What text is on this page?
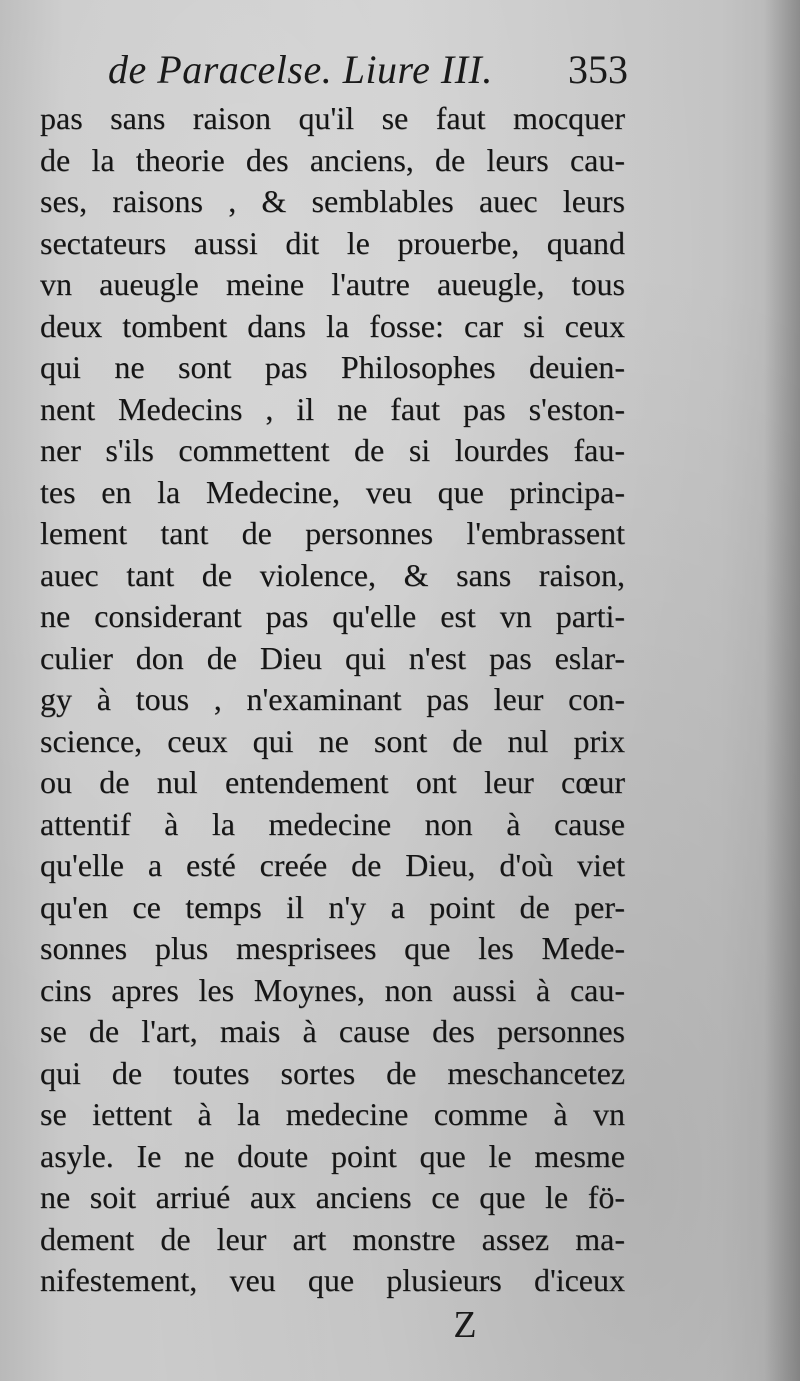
de Paracelse. Liure III. 353
pas sans raison qu'il se faut mocquer
de la theorie des anciens, de leurs cau-
ses, raisons , & semblables auec leurs
sectateurs aussi dit le prouerbe, quand
vn aueugle meine l'autre aueugle, tous
deux tombent dans la fosse: car si ceux
qui ne sont pas Philosophes deuien-
nent Medecins , il ne faut pas s'eston-
ner s'ils commettent de si lourdes fau-
tes en la Medecine, veu que principa-
lement tant de personnes l'embrassent
auec tant de violence, & sans raison,
ne considerant pas qu'elle est vn parti-
culier don de Dieu qui n'est pas eslar-
gy à tous , n'examinant pas leur con-
science, ceux qui ne sont de nul prix
ou de nul entendement ont leur cœur
attentif à la medecine non à cause
qu'elle a esté creée de Dieu, d'où viet
qu'en ce temps il n'y a point de per-
sonnes plus mesprisees que les Mede-
cins apres les Moynes, non aussi à cau-
se de l'art, mais à cause des personnes
qui de toutes sortes de meschancetez
se iettent à la medecine comme à vn
asyle. Ie ne doute point que le mesme
ne soit arriué aux anciens ce que le fö-
dement de leur art monstre assez ma-
nifestement, veu que plusieurs d'iceux
Z
